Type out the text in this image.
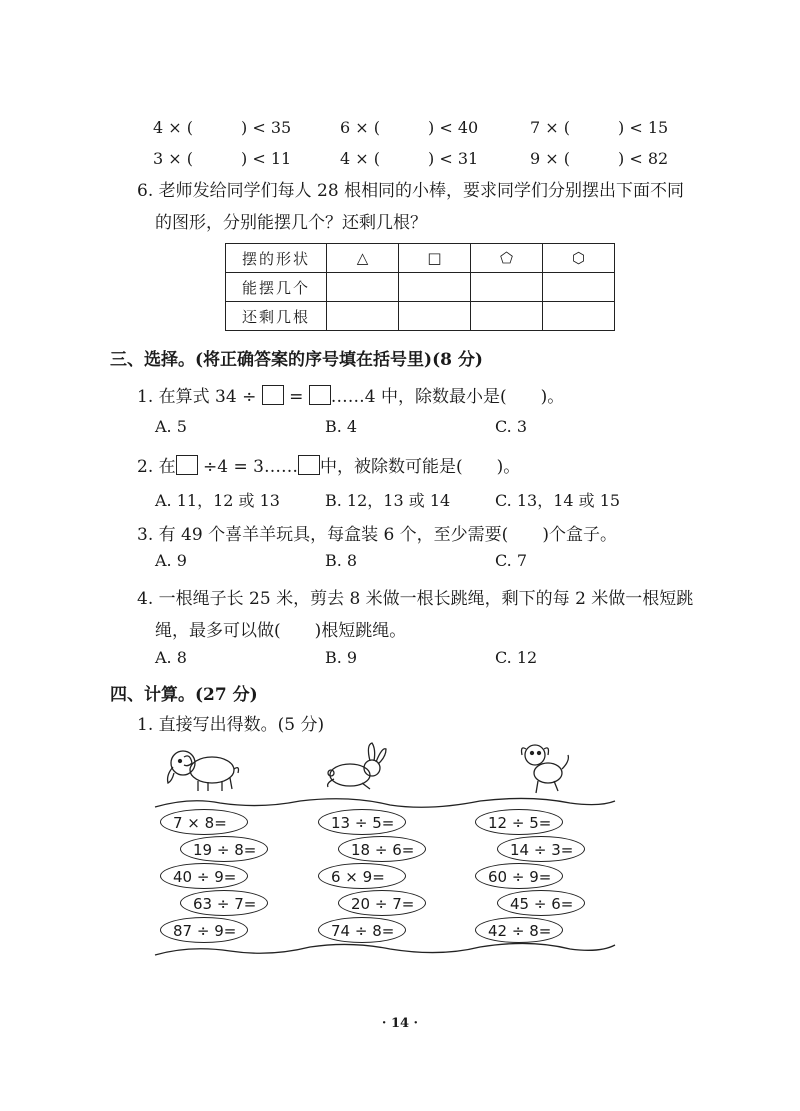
4 × (　　　) < 35	6 × (　　　) < 40	7 × (　　　) < 15
3 × (　　　) < 11	4 × (　　　) < 31	9 × (　　　) < 82
6. 老师发给同学们每人 28 根相同的小棒，要求同学们分别摆出下面不同
的图形，分别能摆几个？还剩几根？
摆的形状	△	□	⬠	⬡
能摆几个				
还剩几根				
三、选择。(将正确答案的序号填在括号里)(8 分)
1. 在算式 34 ÷ = ……4 中，除数最小是(　　)。
A. 5	B. 4	C. 3
2. 在 ÷4 = 3…… 中，被除数可能是(　　)。
A. 11，12 或 13	B. 12，13 或 14	C. 13，14 或 15
3. 有 49 个喜羊羊玩具，每盒装 6 个，至少需要(　　)个盒子。
A. 9	B. 8	C. 7
4. 一根绳子长 25 米，剪去 8 米做一根长跳绳，剩下的每 2 米做一根短跳
绳，最多可以做(　　)根短跳绳。
A. 8	B. 9	C. 12
四、计算。(27 分)
1. 直接写出得数。(5 分)
7 × 8=	13 ÷ 5=	12 ÷ 5=
19 ÷ 8=	18 ÷ 6=	14 ÷ 3=
40 ÷ 9=	6 × 9=	60 ÷ 9=
63 ÷ 7=	20 ÷ 7=	45 ÷ 6=
87 ÷ 9=	74 ÷ 8=	42 ÷ 8=
· 14 ·
